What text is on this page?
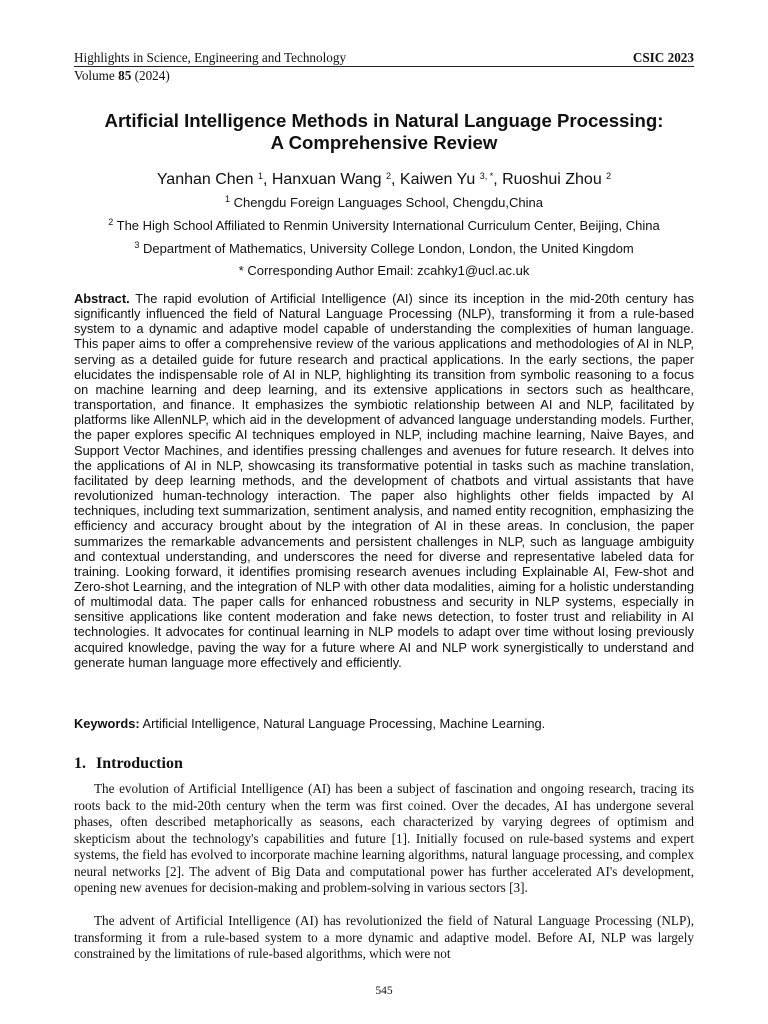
Highlights in Science, Engineering and Technology	CSIC 2023
Volume 85 (2024)
Artificial Intelligence Methods in Natural Language Processing:
A Comprehensive Review
Yanhan Chen $^1$, Hanxuan Wang $^2$, Kaiwen Yu $^{3, *}$, Ruoshui Zhou $^2$
$^1$ Chengdu Foreign Languages School, Chengdu,China
$^2$ The High School Affiliated to Renmin University International Curriculum Center, Beijing, China
$^3$ Department of Mathematics, University College London, London, the United Kingdom
* Corresponding Author Email: zcahky1@ucl.ac.uk

Abstract. The rapid evolution of Artificial Intelligence (AI) since its inception in the mid-20th century has significantly influenced the field of Natural Language Processing (NLP), transforming it from a rule-based system to a dynamic and adaptive model capable of understanding the complexities of human language. This paper aims to offer a comprehensive review of the various applications and methodologies of AI in NLP, serving as a detailed guide for future research and practical applications. In the early sections, the paper elucidates the indispensable role of AI in NLP, highlighting its transition from symbolic reasoning to a focus on machine learning and deep learning, and its extensive applications in sectors such as healthcare, transportation, and finance. It emphasizes the symbiotic relationship between AI and NLP, facilitated by platforms like AllenNLP, which aid in the development of advanced language understanding models. Further, the paper explores specific AI techniques employed in NLP, including machine learning, Naive Bayes, and Support Vector Machines, and identifies pressing challenges and avenues for future research. It delves into the applications of AI in NLP, showcasing its transformative potential in tasks such as machine translation, facilitated by deep learning methods, and the development of chatbots and virtual assistants that have revolutionized human-technology interaction. The paper also highlights other fields impacted by AI techniques, including text summarization, sentiment analysis, and named entity recognition, emphasizing the efficiency and accuracy brought about by the integration of AI in these areas. In conclusion, the paper summarizes the remarkable advancements and persistent challenges in NLP, such as language ambiguity and contextual understanding, and underscores the need for diverse and representative labeled data for training. Looking forward, it identifies promising research avenues including Explainable AI, Few-shot and Zero-shot Learning, and the integration of NLP with other data modalities, aiming for a holistic understanding of multimodal data. The paper calls for enhanced robustness and security in NLP systems, especially in sensitive applications like content moderation and fake news detection, to foster trust and reliability in AI technologies. It advocates for continual learning in NLP models to adapt over time without losing previously acquired knowledge, paving the way for a future where AI and NLP work synergistically to understand and generate human language more effectively and efficiently.

Keywords: Artificial Intelligence, Natural Language Processing, Machine Learning.

1. Introduction

The evolution of Artificial Intelligence (AI) has been a subject of fascination and ongoing research, tracing its roots back to the mid-20th century when the term was first coined. Over the decades, AI has undergone several phases, often described metaphorically as seasons, each characterized by varying degrees of optimism and skepticism about the technology's capabilities and future [1]. Initially focused on rule-based systems and expert systems, the field has evolved to incorporate machine learning algorithms, natural language processing, and complex neural networks [2]. The advent of Big Data and computational power has further accelerated AI's development, opening new avenues for decision-making and problem-solving in various sectors [3].

The advent of Artificial Intelligence (AI) has revolutionized the field of Natural Language Processing (NLP), transforming it from a rule-based system to a more dynamic and adaptive model. Before AI, NLP was largely constrained by the limitations of rule-based algorithms, which were not

545
